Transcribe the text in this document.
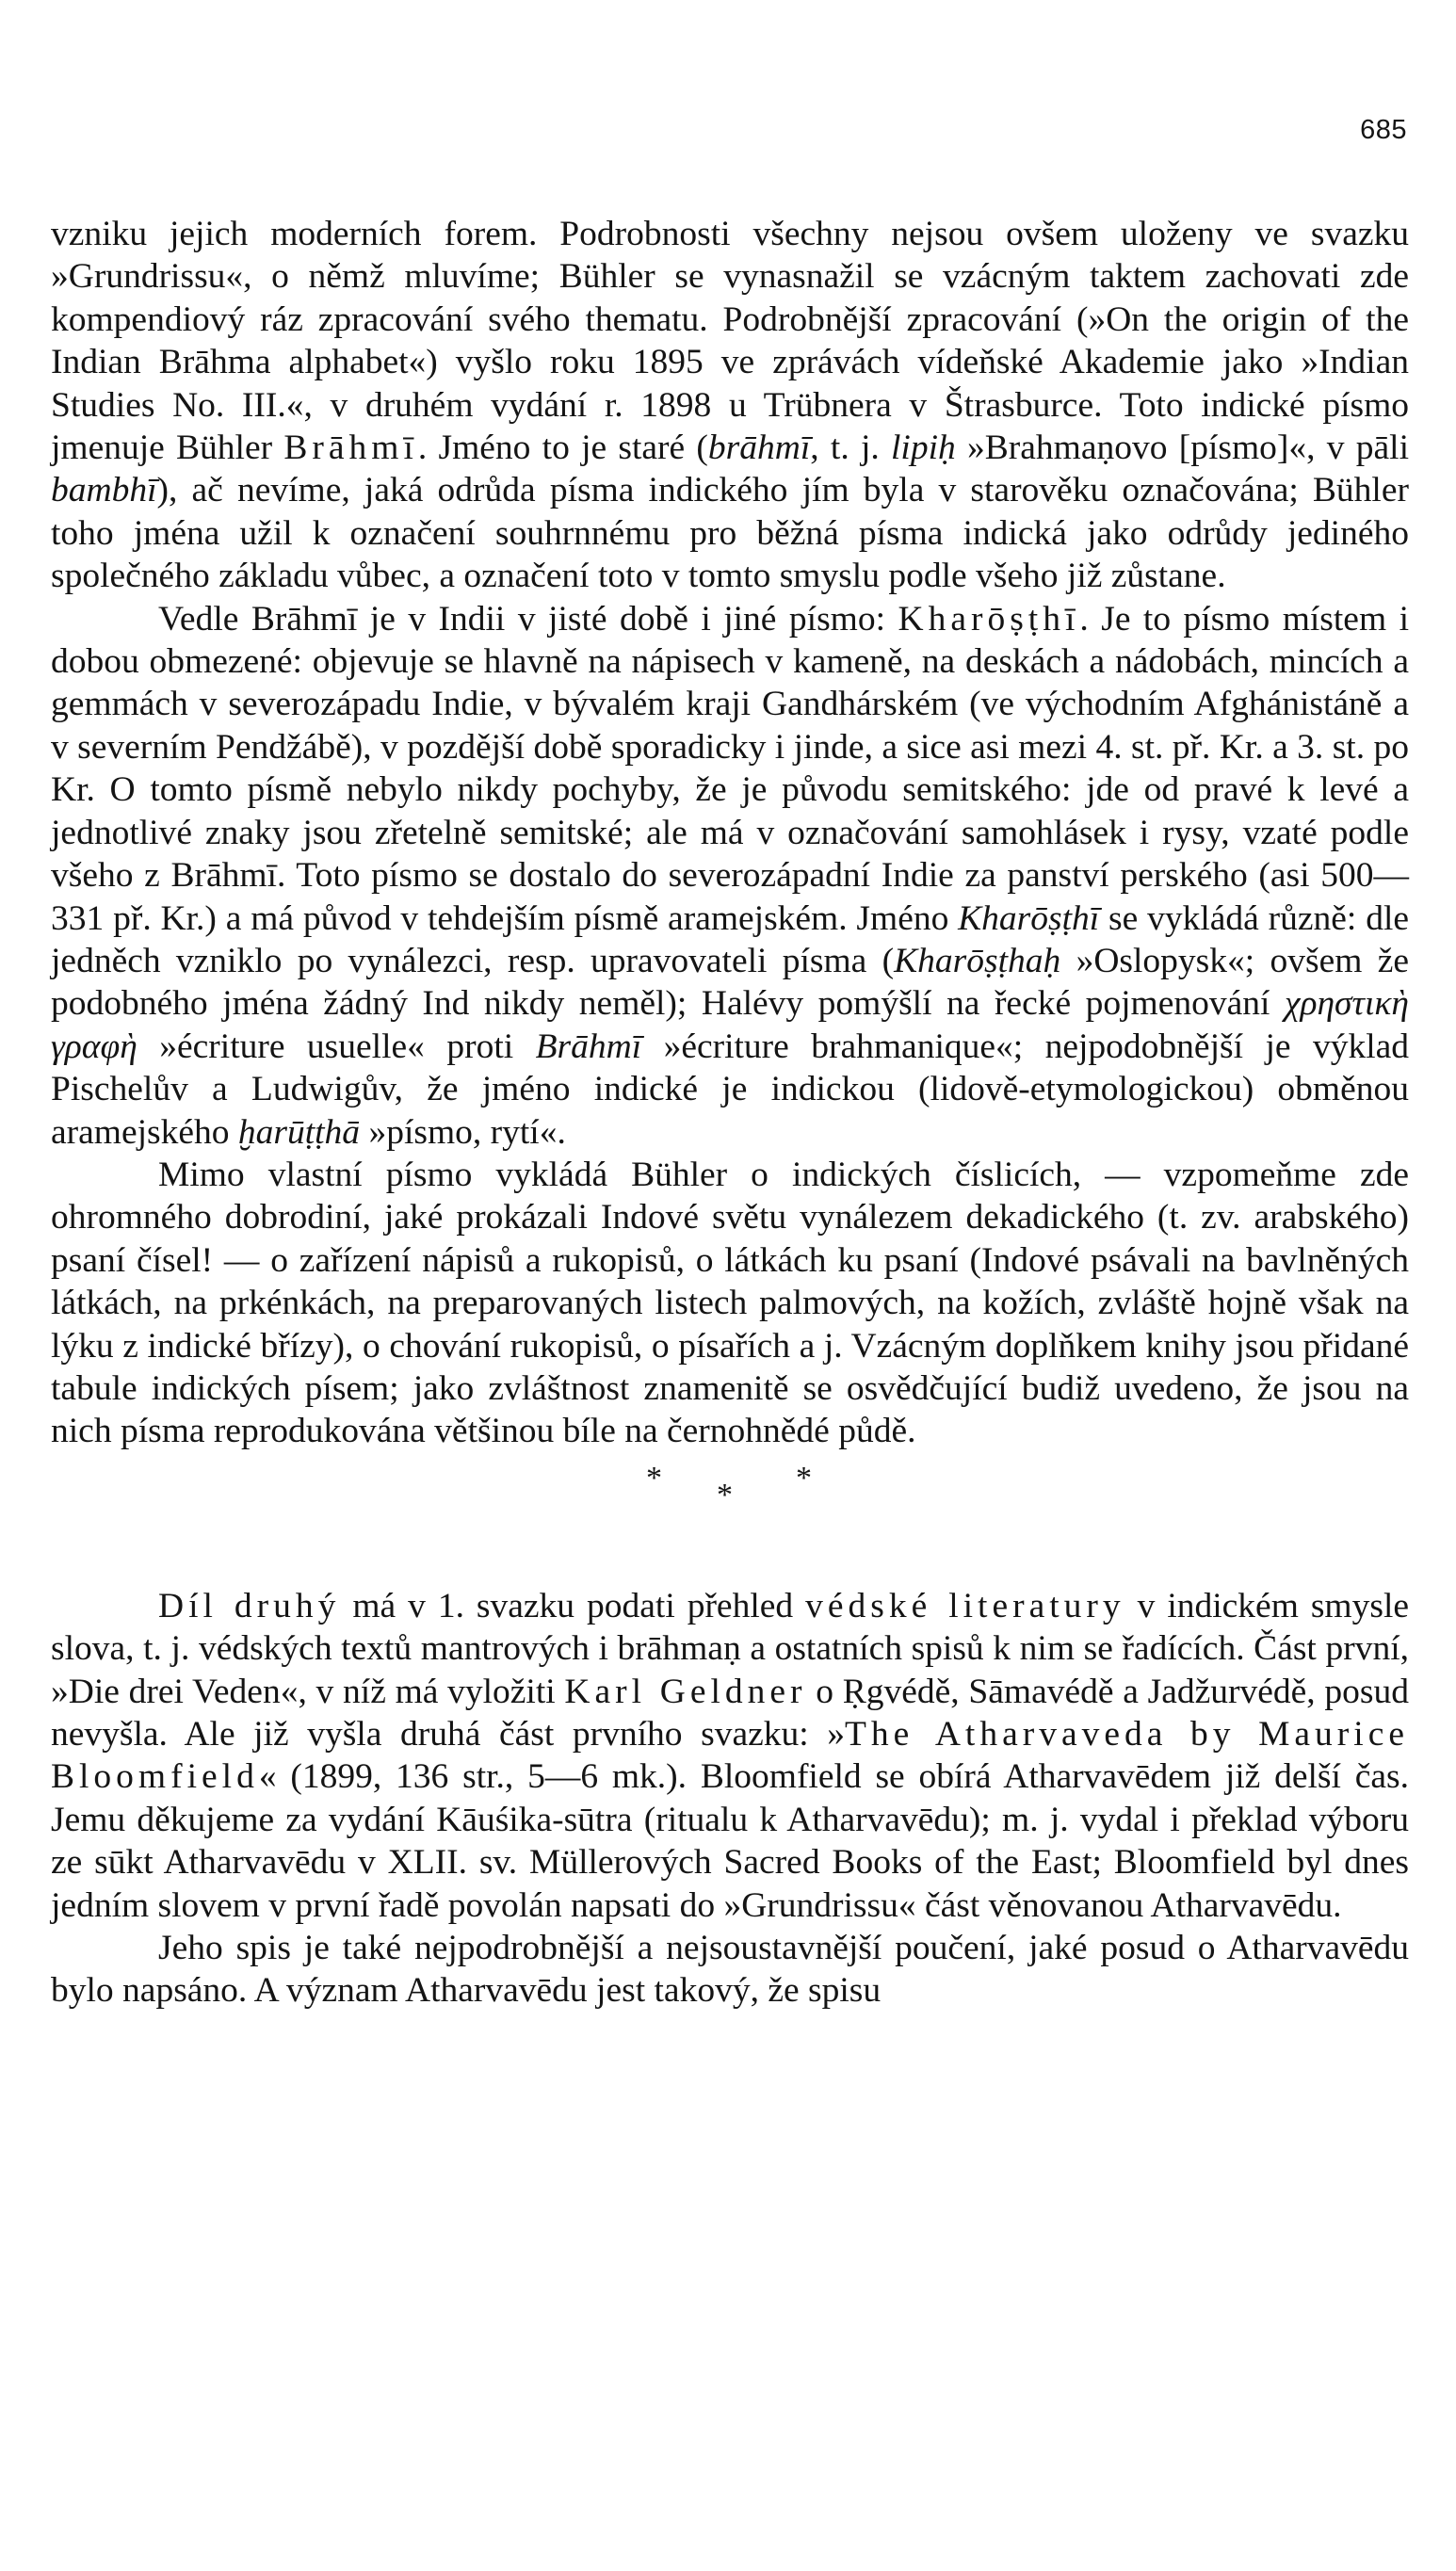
685

vzniku jejich moderních forem. Podrobnosti všechny nejsou ovšem uloženy ve svazku »Grundrissu«, o němž mluvíme; Bühler se vynasnažil se vzácným taktem zachovati zde kompendiový ráz zpracování svého thematu. Podrobnější zpracování (»On the origin of the Indian Brāhma alphabet«) vyšlo roku 1895 ve zprávách vídeňské Akademie jako »Indian Studies No. III.«, v druhém vydání r. 1898 u Trübnera v Štrasburce. Toto indické písmo jmenuje Bühler Brāhmī. Jméno to je staré (brāhmī, t. j. lipiḥ »Brahmaṇovo [písmo]«, v pāli bambhī), ač nevíme, jaká odrůda písma indického jím byla v starověku označována; Bühler toho jména užil k označení souhrnnému pro běžná písma indická jako odrůdy jediného společného základu vůbec, a označení toto v tomto smyslu podle všeho již zůstane.

Vedle Brāhmī je v Indii v jisté době i jiné písmo: Kharōṣṭhī. Je to písmo místem i dobou obmezené: objevuje se hlavně na nápisech v kameně, na deskách a nádobách, mincích a gemmách v severozápadu Indie, v bývalém kraji Gandhárském (ve východním Afghánistáně a v severním Pendžábě), v pozdější době sporadicky i jinde, a sice asi mezi 4. st. př. Kr. a 3. st. po Kr. O tomto písmě nebylo nikdy pochyby, že je původu semitského: jde od pravé k levé a jednotlivé znaky jsou zřetelně semitské; ale má v označování samohlásek i rysy, vzaté podle všeho z Brāhmī. Toto písmo se dostalo do severozápadní Indie za panství perského (asi 500—331 př. Kr.) a má původ v tehdejším písmě aramejském. Jméno Kharōṣṭhī se vykládá různě: dle jedněch vzniklo po vynálezci, resp. upravovateli písma (Kharōṣṭhaḥ »Oslopysk«; ovšem že podobného jména žádný Ind nikdy neměl); Halévy pomýšlí na řecké pojmenování χρηστικὴ γραφὴ »écriture usuelle« proti Brāhmī »écriture brahmanique«; nejpodobnější je výklad Pischelův a Ludwigův, že jméno indické je indickou (lidově-etymologickou) obměnou aramejského ḫarūṭṭhā »písmo, rytí«.

Mimo vlastní písmo vykládá Bühler o indických číslicích, — vzpomeňme zde ohromného dobrodiní, jaké prokázali Indové světu vynálezem dekadického (t. zv. arabského) psaní čísel! — o zařízení nápisů a rukopisů, o látkách ku psaní (Indové psávali na bavlněných látkách, na prkénkách, na preparovaných listech palmových, na kožích, zvláště hojně však na lýku z indické břízy), o chování rukopisů, o písařích a j. Vzácným doplňkem knihy jsou přidané tabule indických písem; jako zvláštnost znamenitě se osvědčující budiž uvedeno, že jsou na nich písma reprodukována většinou bíle na černohnědé půdě.

* * *

Díl druhý má v 1. svazku podati přehled védské literatury v indickém smysle slova, t. j. védských textů mantrových i brāhmaṇ a ostatních spisů k nim se řadících. Část první, »Die drei Veden«, v níž má vyložiti Karl Geldner o Ṛgvédě, Sāmavédě a Jadžurvédě, posud nevyšla. Ale již vyšla druhá část prvního svazku: »The Atharvaveda by Maurice Bloomfield« (1899, 136 str., 5—6 mk.). Bloomfield se obírá Atharvavēdem již delší čas. Jemu děkujeme za vydání Kāuśika-sūtra (ritualu k Atharvavēdu); m. j. vydal i překlad výboru ze sūkt Atharvavēdu v XLII. sv. Müllerových Sacred Books of the East; Bloomfield byl dnes jedním slovem v první řadě povolán napsati do »Grundrissu« část věnovanou Atharvavēdu.

Jeho spis je také nejpodrobnější a nejsoustavnější poučení, jaké posud o Atharvavēdu bylo napsáno. A význam Atharvavēdu jest takový, že spisu
